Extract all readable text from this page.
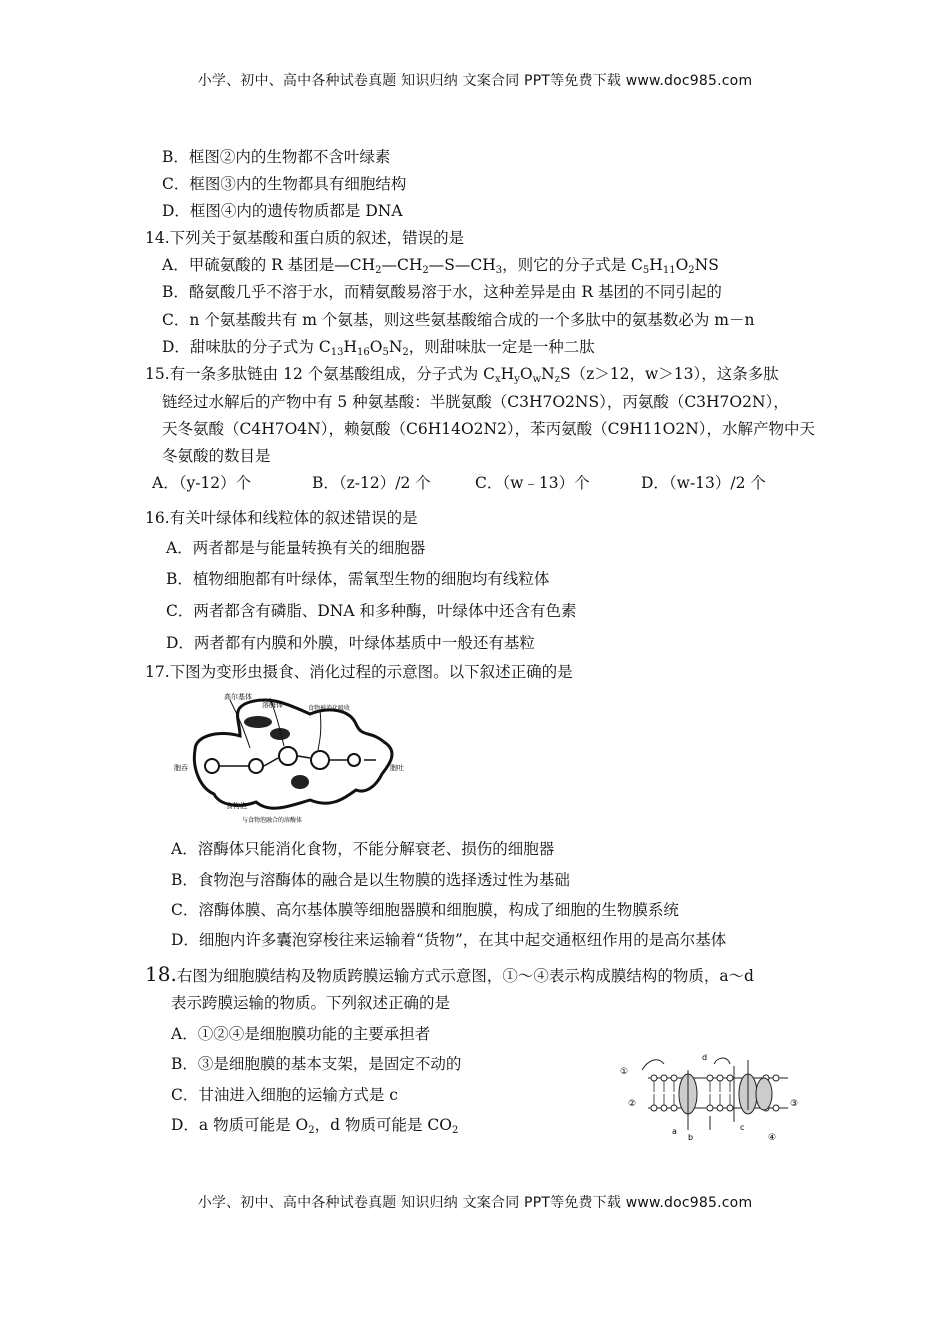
小学、初中、高中各种试卷真题 知识归纳 文案合同 PPT等免费下载 www.doc985.com
B．框图②内的生物都不含叶绿素
C．框图③内的生物都具有细胞结构
D．框图④内的遗传物质都是 DNA
14.下列关于氨基酸和蛋白质的叙述，错误的是
A．甲硫氨酸的 R 基团是$—CH_2—CH_2—S—CH_3$，则它的分子式是 $C_5H_{11}O_2NS$
B．酪氨酸几乎不溶于水，而精氨酸易溶于水，这种差异是由 R 基团的不同引起的
C．n 个氨基酸共有 m 个氨基，则这些氨基酸缩合成的一个多肽中的氨基数必为 m－n
D．甜味肽的分子式为 $C_{13}H_{16}O_5N_2$，则甜味肽一定是一种二肽
15.有一条多肽链由 12 个氨基酸组成，分子式为 $C_xH_yO_wN_zS(z>12$，w＞13），这条多肽
链经过水解后的产物中有 5 种氨基酸：半胱氨酸（C3H7O2NS），丙氨酸（C3H7O2N），
天冬氨酸（C4H7O4N），赖氨酸（C6H14O2N2），苯丙氨酸（C9H11O2N），水解产物中天
冬氨酸的数目是
A．（y-12）个	B．（z-12）/2 个	C．（w﹣13）个	D．（w-13）/2 个
16.有关叶绿体和线粒体的叙述错误的是
A．两者都是与能量转换有关的细胞器
B．植物细胞都有叶绿体，需氧型生物的细胞均有线粒体
C．两者都含有磷脂、DNA 和多种酶，叶绿体中还含有色素
D．两者都有内膜和外膜，叶绿体基质中一般还有基粒
17.下图为变形虫摄食、消化过程的示意图。以下叙述正确的是
高尔基体
溶酶体	食物被消化吸收
胞吞	胞吐
食物泡
与食物泡融合的溶酶体
A．溶酶体只能消化食物，不能分解衰老、损伤的细胞器
B．食物泡与溶酶体的融合是以生物膜的选择透过性为基础
C．溶酶体膜、高尔基体膜等细胞器膜和细胞膜，构成了细胞的生物膜系统
D．细胞内许多囊泡穿梭往来运输着“货物”，在其中起交通枢纽作用的是高尔基体
18.右图为细胞膜结构及物质跨膜运输方式示意图，①～④表示构成膜结构的物质，a～d
表示跨膜运输的物质。下列叙述正确的是
A．①②④是细胞膜功能的主要承担者
B．③是细胞膜的基本支架，是固定不动的
C．甘油进入细胞的运输方式是 c
D．a 物质可能是 $O_2$，d 物质可能是 $CO_2$
①
②	③
④
a
b
c
d
小学、初中、高中各种试卷真题 知识归纳 文案合同 PPT等免费下载 www.doc985.com
